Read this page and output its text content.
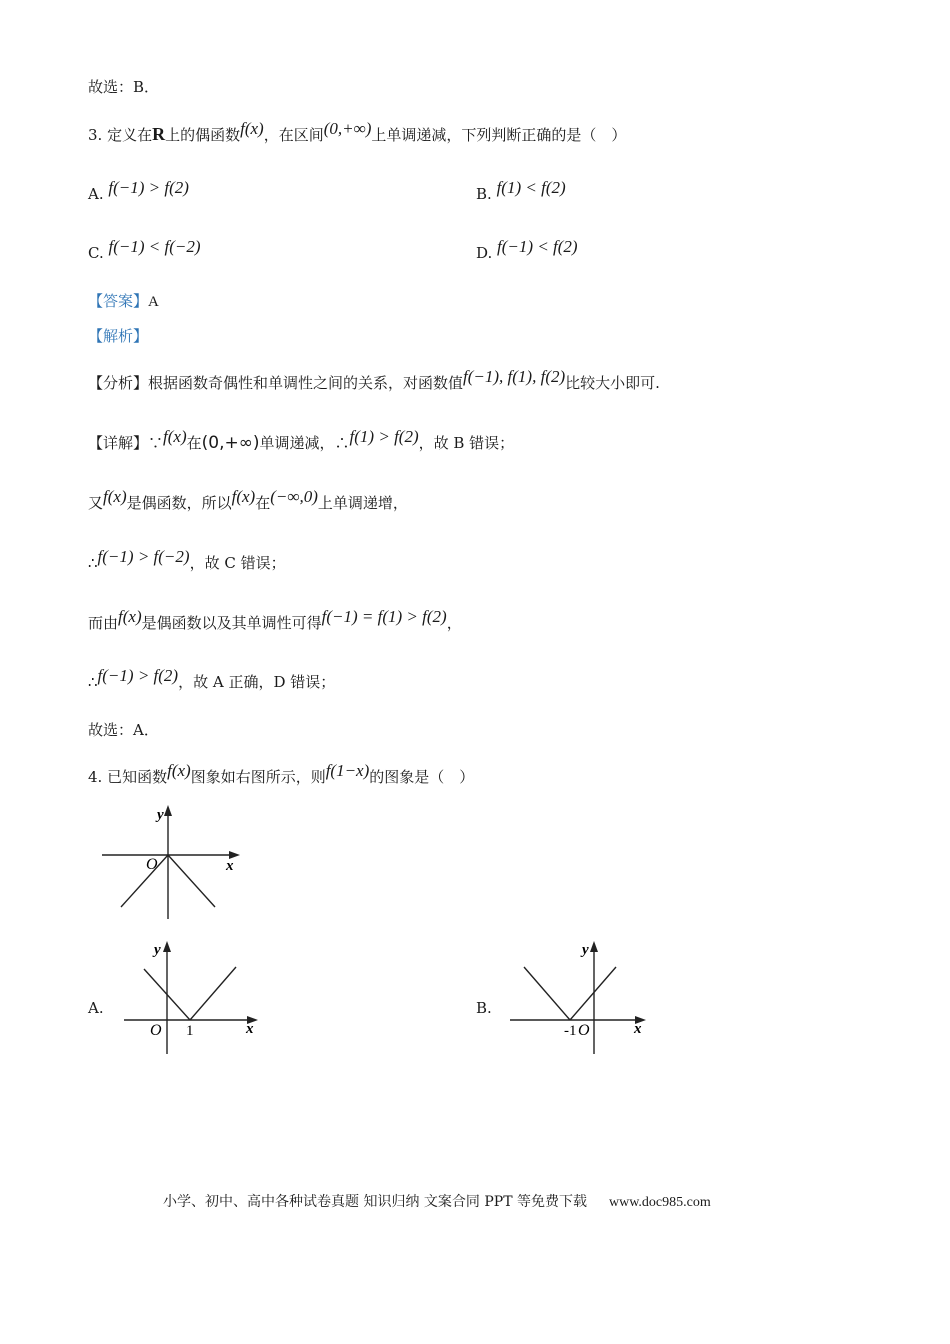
故选：B．
3. 定义在R上的偶函数f(x)，在区间(0,+∞)上单调递减，下列判断正确的是（　）
A. f(−1) > f(2)	B. f(1) < f(2)
C. f(−1) < f(−2)	D. f(−1) < f(2)
【答案】A
【解析】
【分析】根据函数奇偶性和单调性之间的关系，对函数值f(−1), f(1), f(2)比较大小即可.
【详解】∵f(x)在(0,+∞)单调递减，∴f(1) > f(2)，故 B 错误；
又f(x)是偶函数，所以f(x)在(−∞,0)上单调递增，
∴f(−1) > f(−2)，故 C 错误；
而由f(x)是偶函数以及其单调性可得f(−1) = f(1) > f(2)，
∴f(−1) > f(2)，故 A 正确，D 错误；
故选：A．
4. 已知函数f(x)图象如右图所示，则f(1−x)的图象是（　）
y
x
O
A.
y
x
O 1
B.
y
x
-1 O
小学、初中、高中各种试卷真题 知识归纳 文案合同 PPT 等免费下载 www.doc985.com
